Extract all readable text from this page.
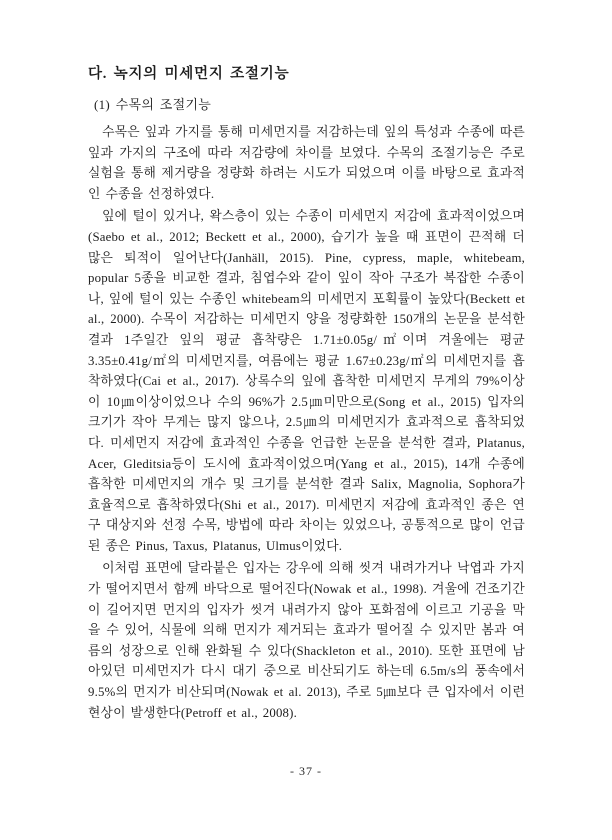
다. 녹지의 미세먼지 조절기능
(1) 수목의 조절기능

수목은 잎과 가지를 통해 미세먼지를 저감하는데 잎의 특성과 수종에 따른 잎과 가지의 구조에 따라 저감량에 차이를 보였다. 수목의 조절기능은 주로 실험을 통해 제거량을 정량화 하려는 시도가 되었으며 이를 바탕으로 효과적인 수종을 선정하였다.

잎에 털이 있거나, 왁스층이 있는 수종이 미세먼지 저감에 효과적이었으며(Saebo et al., 2012; Beckett et al., 2000), 습기가 높을 때 표면이 끈적해 더 많은 퇴적이 일어난다(Janhäll, 2015). Pine, cypress, maple, whitebeam, popular 5종을 비교한 결과, 침엽수와 같이 잎이 작아 구조가 복잡한 수종이나, 잎에 털이 있는 수종인 whitebeam의 미세먼지 포획률이 높았다(Beckett et al., 2000). 수목이 저감하는 미세먼지 양을 정량화한 150개의 논문을 분석한 결과 1주일간 잎의 평균 흡착량은 1.71±0.05g/㎡이며 겨울에는 평균 3.35±0.41g/㎡의 미세먼지를, 여름에는 평균 1.67±0.23g/㎡의 미세먼지를 흡착하였다(Cai et al., 2017). 상록수의 잎에 흡착한 미세먼지 무게의 79%이상이 10㎛이상이었으나 수의 96%가 2.5㎛미만으로(Song et al., 2015) 입자의 크기가 작아 무게는 많지 않으나, 2.5㎛의 미세먼지가 효과적으로 흡착되었다. 미세먼지 저감에 효과적인 수종을 언급한 논문을 분석한 결과, Platanus, Acer, Gleditsia등이 도시에 효과적이었으며(Yang et al., 2015), 14개 수종에 흡착한 미세먼지의 개수 및 크기를 분석한 결과 Salix, Magnolia, Sophora가 효율적으로 흡착하였다(Shi et al., 2017). 미세먼지 저감에 효과적인 종은 연구 대상지와 선정 수목, 방법에 따라 차이는 있었으나, 공통적으로 많이 언급된 종은 Pinus, Taxus, Platanus, Ulmus이었다.

이처럼 표면에 달라붙은 입자는 강우에 의해 씻겨 내려가거나 낙엽과 가지가 떨어지면서 함께 바닥으로 떨어진다(Nowak et al., 1998). 겨울에 건조기간이 길어지면 먼지의 입자가 씻겨 내려가지 않아 포화점에 이르고 기공을 막을 수 있어, 식물에 의해 먼지가 제거되는 효과가 떨어질 수 있지만 봄과 여름의 성장으로 인해 완화될 수 있다(Shackleton et al., 2010). 또한 표면에 남아있던 미세먼지가 다시 대기 중으로 비산되기도 하는데 6.5m/s의 풍속에서 9.5%의 먼지가 비산되며(Nowak et al. 2013), 주로 5㎛보다 큰 입자에서 이런 현상이 발생한다(Petroff et al., 2008).

- 37 -
